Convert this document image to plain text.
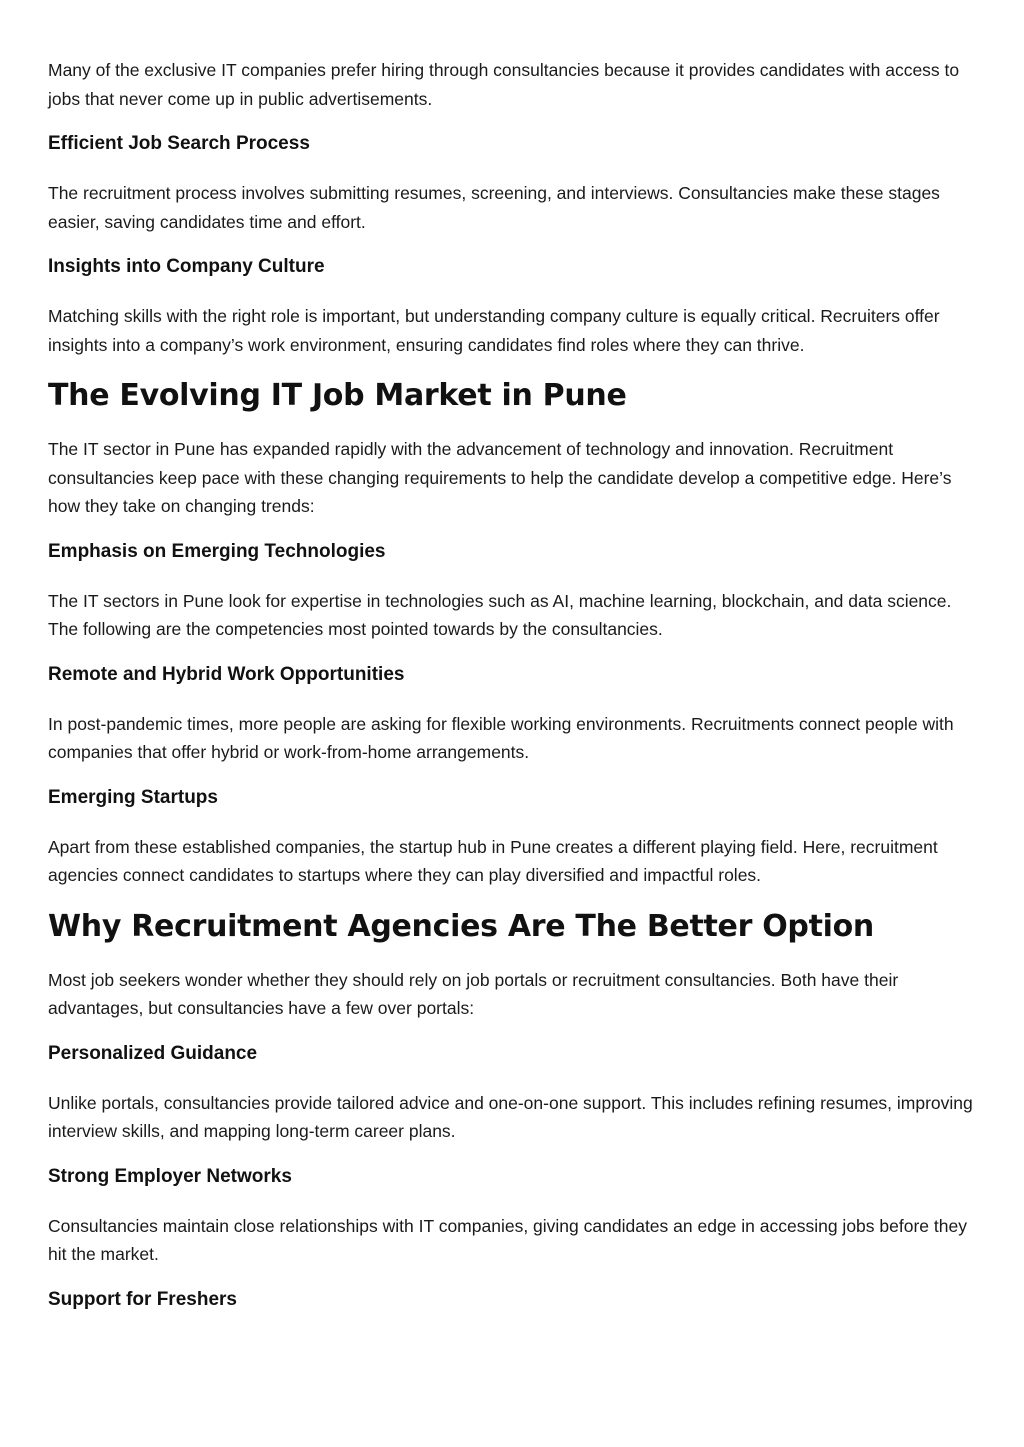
Many of the exclusive IT companies prefer hiring through consultancies because it provides candidates with access to jobs that never come up in public advertisements.

Efficient Job Search Process

The recruitment process involves submitting resumes, screening, and interviews. Consultancies make these stages easier, saving candidates time and effort.

Insights into Company Culture

Matching skills with the right role is important, but understanding company culture is equally critical. Recruiters offer insights into a company’s work environment, ensuring candidates find roles where they can thrive.

The Evolving IT Job Market in Pune

The IT sector in Pune has expanded rapidly with the advancement of technology and innovation. Recruitment consultancies keep pace with these changing requirements to help the candidate develop a competitive edge. Here’s how they take on changing trends:

Emphasis on Emerging Technologies

The IT sectors in Pune look for expertise in technologies such as AI, machine learning, blockchain, and data science. The following are the competencies most pointed towards by the consultancies.

Remote and Hybrid Work Opportunities

In post-pandemic times, more people are asking for flexible working environments. Recruitments connect people with companies that offer hybrid or work-from-home arrangements.

Emerging Startups

Apart from these established companies, the startup hub in Pune creates a different playing field. Here, recruitment agencies connect candidates to startups where they can play diversified and impactful roles.

Why Recruitment Agencies Are The Better Option

Most job seekers wonder whether they should rely on job portals or recruitment consultancies. Both have their advantages, but consultancies have a few over portals:

Personalized Guidance

Unlike portals, consultancies provide tailored advice and one-on-one support. This includes refining resumes, improving interview skills, and mapping long-term career plans.

Strong Employer Networks

Consultancies maintain close relationships with IT companies, giving candidates an edge in accessing jobs before they hit the market.

Support for Freshers
